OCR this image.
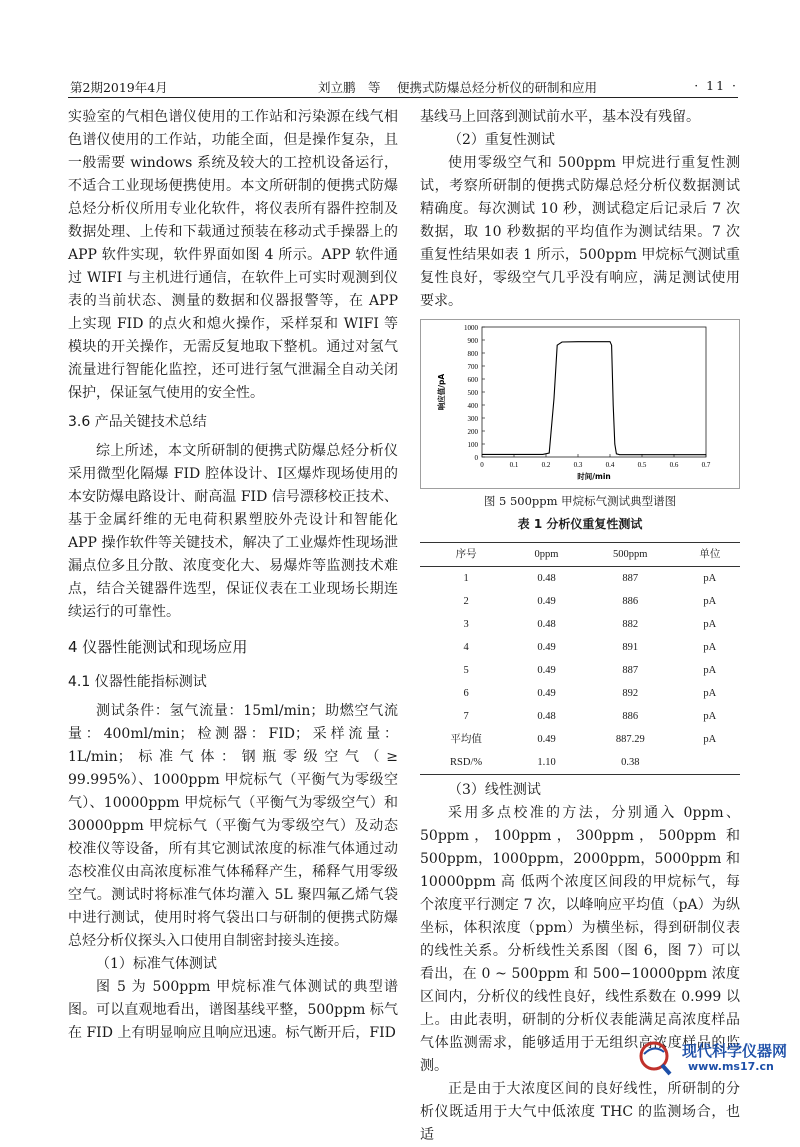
第2期2019年4月	刘立鹏　等　 便携式防爆总烃分析仪的研制和应用	· 11 ·

实验室的气相色谱仪使用的工作站和污染源在线气相色谱仪使用的工作站，功能全面，但是操作复杂，且一般需要 windows 系统及较大的工控机设备运行，不适合工业现场便携使用。本文所研制的便携式防爆总烃分析仪所用专业化软件，将仪表所有器件控制及数据处理、上传和下载通过预装在移动式手操器上的 APP 软件实现，软件界面如图 4 所示。APP 软件通过 WIFI 与主机进行通信，在软件上可实时观测到仪表的当前状态、测量的数据和仪器报警等，在 APP 上实现 FID 的点火和熄火操作，采样泵和 WIFI 等模块的开关操作，无需反复地取下整机。通过对氢气流量进行智能化监控，还可进行氢气泄漏全自动关闭保护，保证氢气使用的安全性。

3.6 产品关键技术总结

综上所述，本文所研制的便携式防爆总烃分析仪采用微型化隔爆 FID 腔体设计、Ⅰ区爆炸现场使用的本安防爆电路设计、耐高温 FID 信号漂移校正技术、基于金属纤维的无电荷积累塑胶外壳设计和智能化 APP 操作软件等关键技术，解决了工业爆炸性现场泄漏点位多且分散、浓度变化大、易爆炸等监测技术难点，结合关键器件选型，保证仪表在工业现场长期连续运行的可靠性。

4 仪器性能测试和现场应用
4.1 仪器性能指标测试

测试条件：氢气流量：15ml/min；助燃空气流量：400ml/min；检测器：FID；采样流量：1L/min；标准气体：钢瓶零级空气（≥ 99.995%）、1000ppm 甲烷标气（平衡气为零级空气）、10000ppm 甲烷标气（平衡气为零级空气）和 30000ppm 甲烷标气（平衡气为零级空气）及动态校准仪等设备，所有其它测试浓度的标准气体通过动态校准仪由高浓度标准气体稀释产生，稀释气用零级空气。测试时将标准气体均灌入 5L 聚四氟乙烯气袋中进行测试，使用时将气袋出口与研制的便携式防爆总烃分析仪探头入口使用自制密封接头连接。

（1）标准气体测试

图 5 为 500ppm 甲烷标准气体测试的典型谱图。可以直观地看出，谱图基线平整，500ppm 标气在 FID 上有明显响应且响应迅速。标气断开后，FID

基线马上回落到测试前水平，基本没有残留。

（2）重复性测试

使用零级空气和 500ppm 甲烷进行重复性测试，考察所研制的便携式防爆总烃分析仪数据测试精确度。每次测试 10 秒，测试稳定后记录后 7 次数据，取 10 秒数据的平均值作为测试结果。7 次重复性结果如表 1 所示，500ppm 甲烷标气测试重复性良好，零级空气几乎没有响应，满足测试使用要求。

0
100
200
300
400
500
600
700
800
900
1000
0	0.1	0.2	0.3	0.4	0.5	0.6	0.7
时间/min
响应值/pA
图 5 500ppm 甲烷标气测试典型谱图
表 1 分析仪重复性测试
序号	0ppm	500ppm	单位
1	0.48	887	pA
2	0.49	886	pA
3	0.48	882	pA
4	0.49	891	pA
5	0.49	887	pA
6	0.49	892	pA
7	0.48	886	pA
平均值	0.49	887.29	pA
RSD/%	1.10	0.38	

（3）线性测试

采用多点校准的方法，分别通入 0ppm、50ppm，100ppm，300ppm，500ppm 和 500ppm，1000ppm，2000ppm，5000ppm 和 10000ppm 高 低两个浓度区间段的甲烷标气，每个浓度平行测定 7 次，以峰响应平均值（pA）为纵坐标，体积浓度（ppm）为横坐标，得到研制仪表的线性关系。分析线性关系图（图 6，图 7）可以看出，在 0 ~ 500ppm 和 500−10000ppm 浓度区间内，分析仪的线性良好，线性系数在 0.999 以上。由此表明，研制的分析仪表能满足高浓度样品气体监测需求，能够适用于无组织高浓度样品的监测。

正是由于大浓度区间的良好线性，所研制的分析仪既适用于大气中低浓度 THC 的监测场合，也适

现代科学仪器网
www.ms17.cn
